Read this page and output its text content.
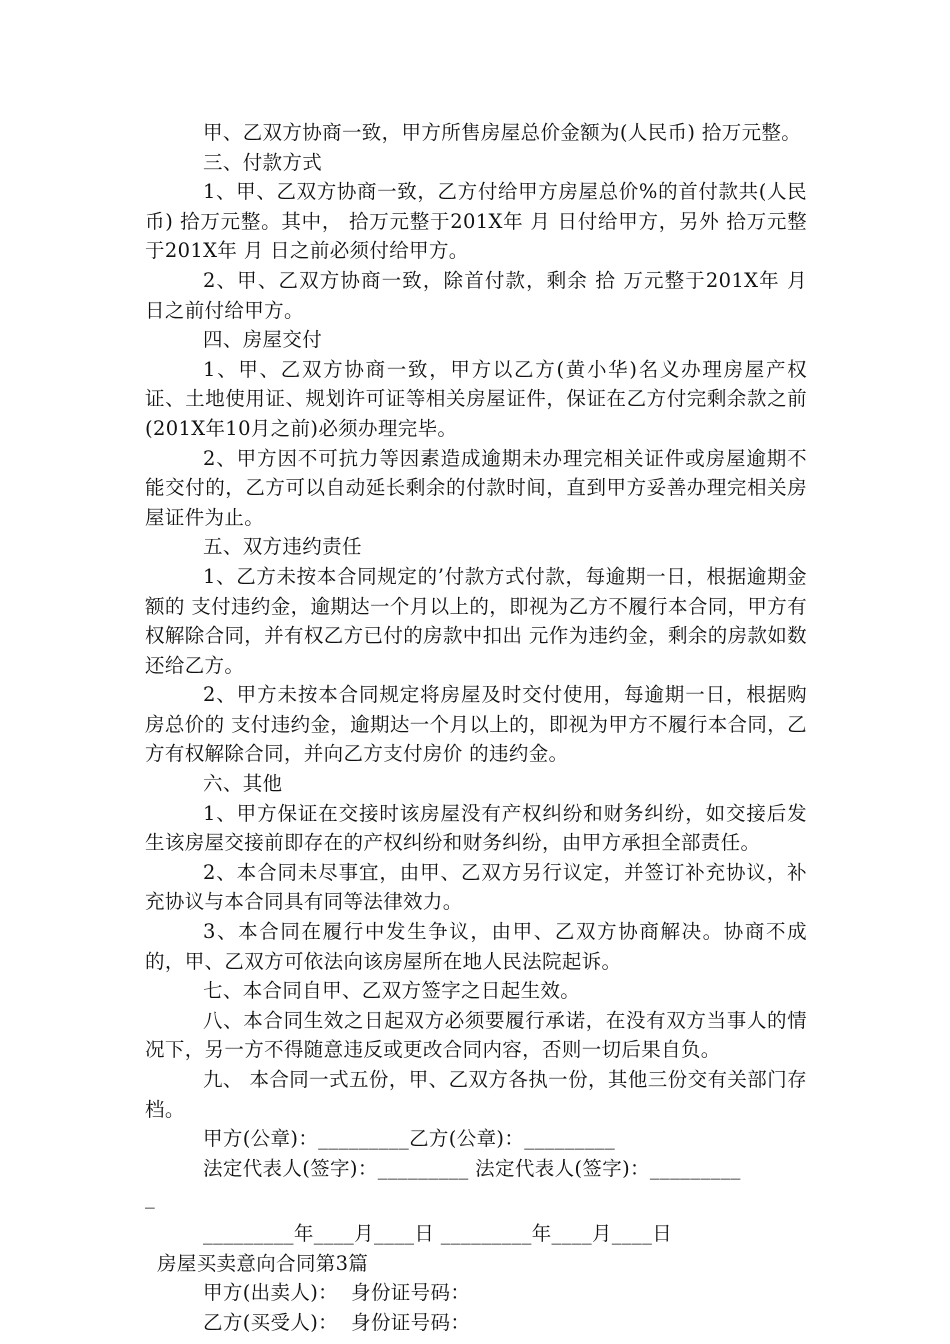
甲、乙双方协商一致，甲方所售房屋总价金额为(人民币) 拾万元整。

三、付款方式

1、甲、乙双方协商一致，乙方付给甲方房屋总价%的首付款共(人民币) 拾万元整。其中， 拾万元整于201X年 月 日付给甲方，另外 拾万元整于201X年 月 日之前必须付给甲方。

2、甲、乙双方协商一致，除首付款，剩余 拾 万元整于201X年 月 日之前付给甲方。

四、房屋交付

1、甲、乙双方协商一致，甲方以乙方(黄小华)名义办理房屋产权证、土地使用证、规划许可证等相关房屋证件，保证在乙方付完剩余款之前(201X年10月之前)必须办理完毕。

2、甲方因不可抗力等因素造成逾期未办理完相关证件或房屋逾期不能交付的，乙方可以自动延长剩余的付款时间，直到甲方妥善办理完相关房屋证件为止。

五、双方违约责任

1、乙方未按本合同规定的’付款方式付款，每逾期一日，根据逾期金额的 支付违约金，逾期达一个月以上的，即视为乙方不履行本合同，甲方有权解除合同，并有权乙方已付的房款中扣出 元作为违约金，剩余的房款如数还给乙方。

2、甲方未按本合同规定将房屋及时交付使用，每逾期一日，根据购房总价的 支付违约金，逾期达一个月以上的，即视为甲方不履行本合同，乙方有权解除合同，并向乙方支付房价 的违约金。

六、其他

1、甲方保证在交接时该房屋没有产权纠纷和财务纠纷，如交接后发生该房屋交接前即存在的产权纠纷和财务纠纷，由甲方承担全部责任。

2、本合同未尽事宜，由甲、乙双方另行议定，并签订补充协议，补充协议与本合同具有同等法律效力。

3、本合同在履行中发生争议，由甲、乙双方协商解决。协商不成的，甲、乙双方可依法向该房屋所在地人民法院起诉。

七、本合同自甲、乙双方签字之日起生效。

八、本合同生效之日起双方必须要履行承诺，在没有双方当事人的情况下，另一方不得随意违反或更改合同内容，否则一切后果自负。

九、 本合同一式五份，甲、乙双方各执一份，其他三份交有关部门存档。

甲方(公章)：_________乙方(公章)：_________
法定代表人(签字)：_________ 法定代表人(签字)：_________
_
_________年____月____日 _________年____月____日
房屋买卖意向合同第3篇
甲方(出卖人)：  身份证号码：
乙方(买受人)：  身份证号码：
